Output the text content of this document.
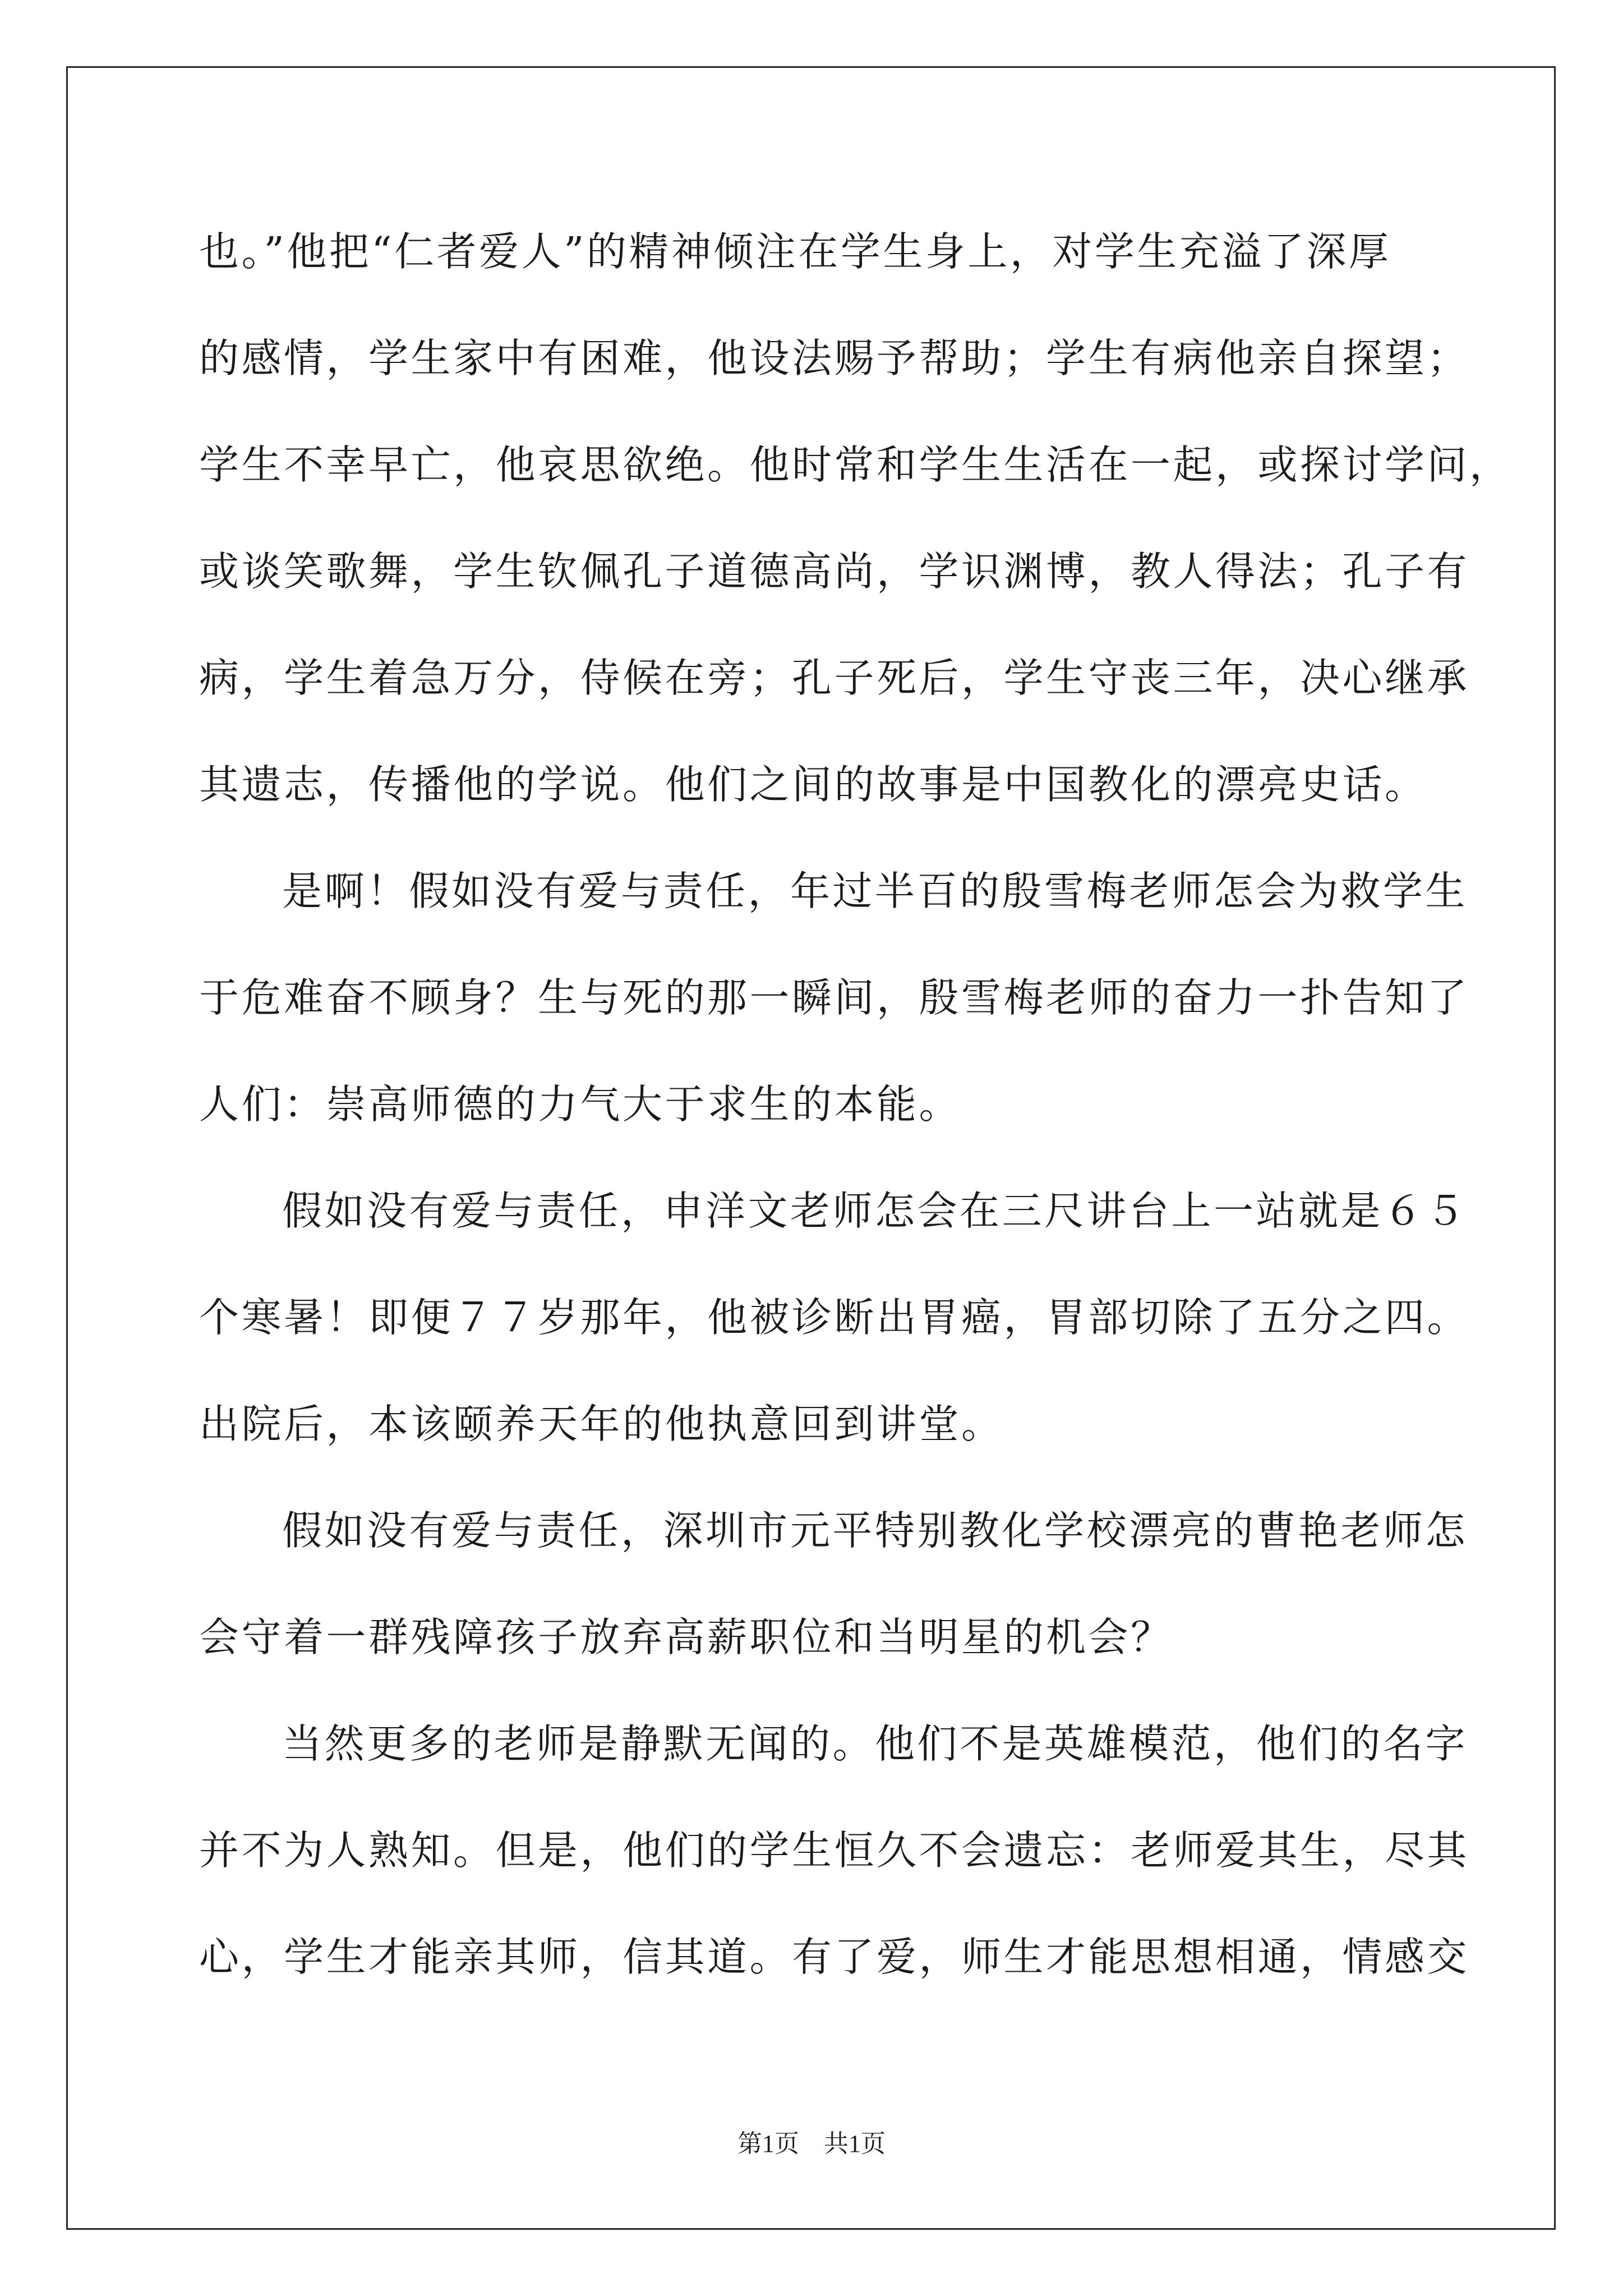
也。”他把“仁者爱人”的精神倾注在学生身上，对学生充溢了深厚
的感情，学生家中有困难，他设法赐予帮助；学生有病他亲自探望；
学生不幸早亡，他哀思欲绝。他时常和学生生活在一起，或探讨学问，
或谈笑歌舞，学生钦佩孔子道德高尚，学识渊博，教人得法；孔子有
病，学生着急万分，侍候在旁；孔子死后，学生守丧三年，决心继承
其遗志，传播他的学说。他们之间的故事是中国教化的漂亮史话。
是啊！假如没有爱与责任，年过半百的殷雪梅老师怎会为救学生
于危难奋不顾身？生与死的那一瞬间，殷雪梅老师的奋力一扑告知了
人们：崇高师德的力气大于求生的本能。
假如没有爱与责任，申洋文老师怎会在三尺讲台上一站就是６５
个寒暑！即便７７岁那年，他被诊断出胃癌，胃部切除了五分之四。
出院后，本该颐养天年的他执意回到讲堂。
假如没有爱与责任，深圳市元平特别教化学校漂亮的曹艳老师怎
会守着一群残障孩子放弃高薪职位和当明星的机会？
当然更多的老师是静默无闻的。他们不是英雄模范，他们的名字
并不为人熟知。但是，他们的学生恒久不会遗忘：老师爱其生，尽其
心，学生才能亲其师，信其道。有了爱，师生才能思想相通，情感交
第1页　共1页
